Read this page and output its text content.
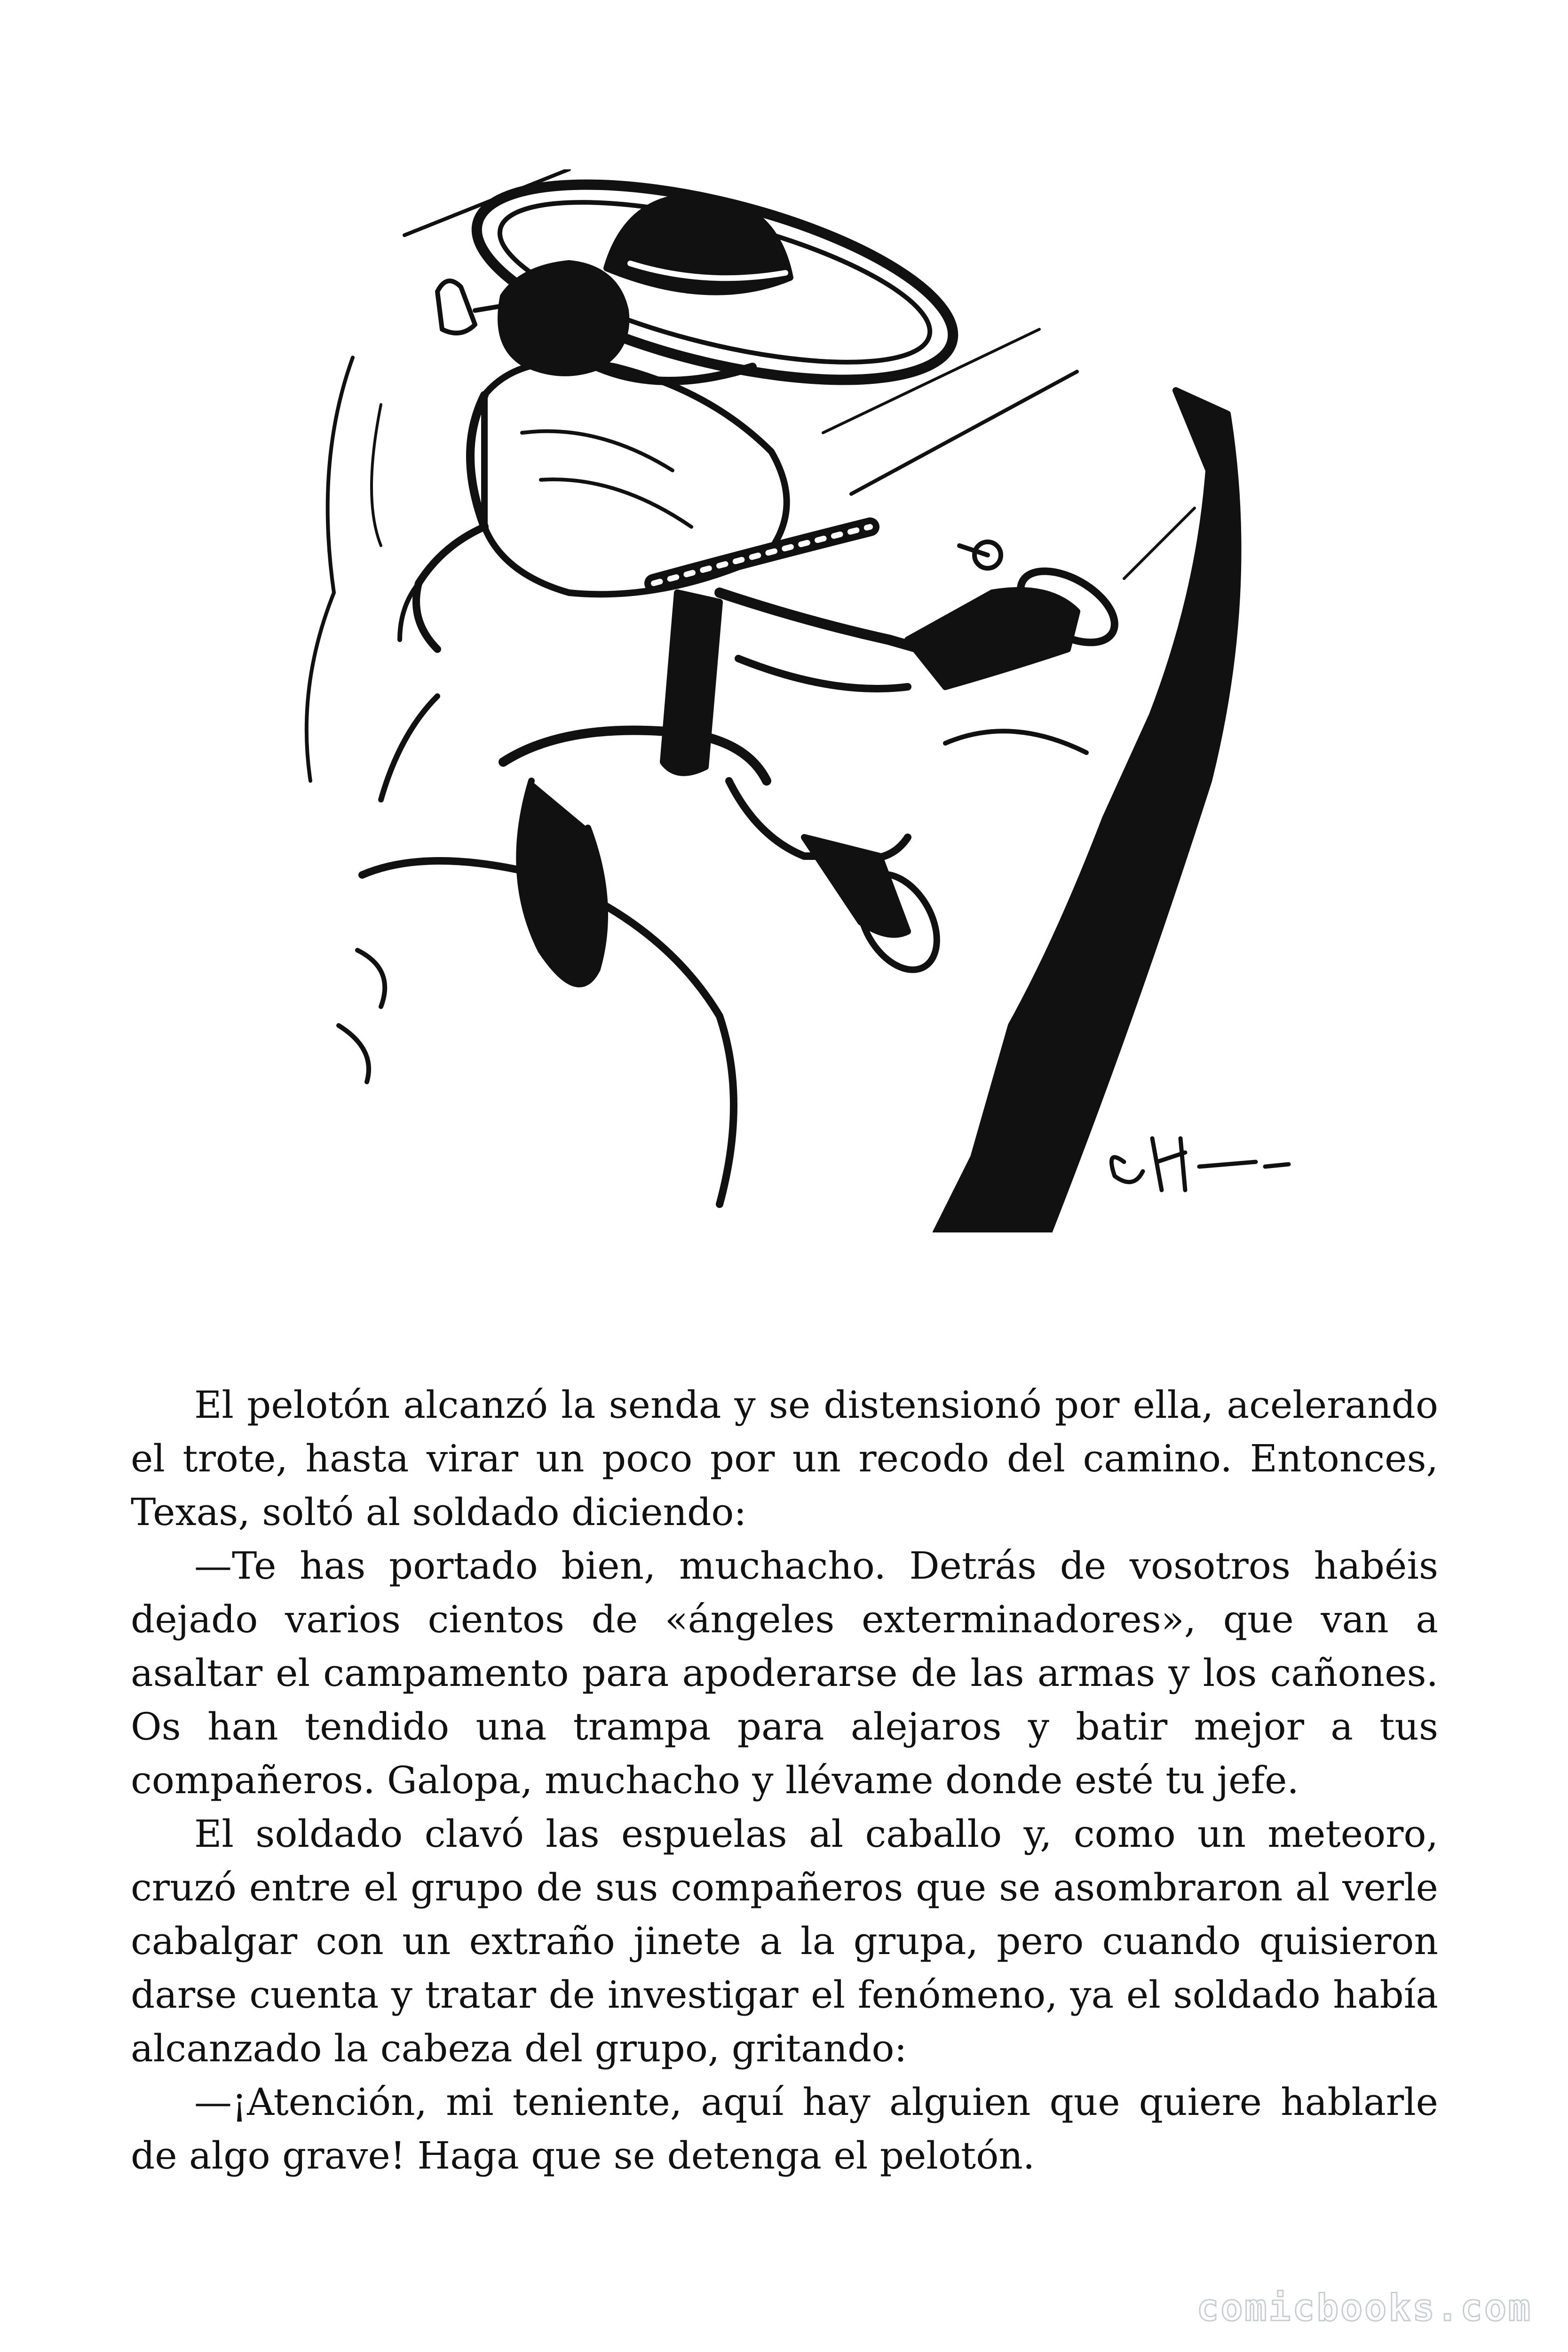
El pelotón alcanzó la senda y se distensionó por ella, acelerando el trote, hasta virar un poco por un recodo del camino. Entonces, Texas, soltó al soldado diciendo:

—Te has portado bien, muchacho. Detrás de vosotros habéis dejado varios cientos de «ángeles exterminadores», que van a asaltar el campamento para apoderarse de las armas y los cañones. Os han tendido una trampa para alejaros y batir mejor a tus compañeros. Galopa, muchacho y llévame donde esté tu jefe.

El soldado clavó las espuelas al caballo y, como un meteoro, cruzó entre el grupo de sus compañeros que se asombraron al verle cabalgar con un extraño jinete a la grupa, pero cuando quisieron darse cuenta y tratar de investigar el fenómeno, ya el soldado había alcanzado la cabeza del grupo, gritando:

—¡Atención, mi teniente, aquí hay alguien que quiere hablarle de algo grave! Haga que se detenga el pelotón.

comicbooks.com
